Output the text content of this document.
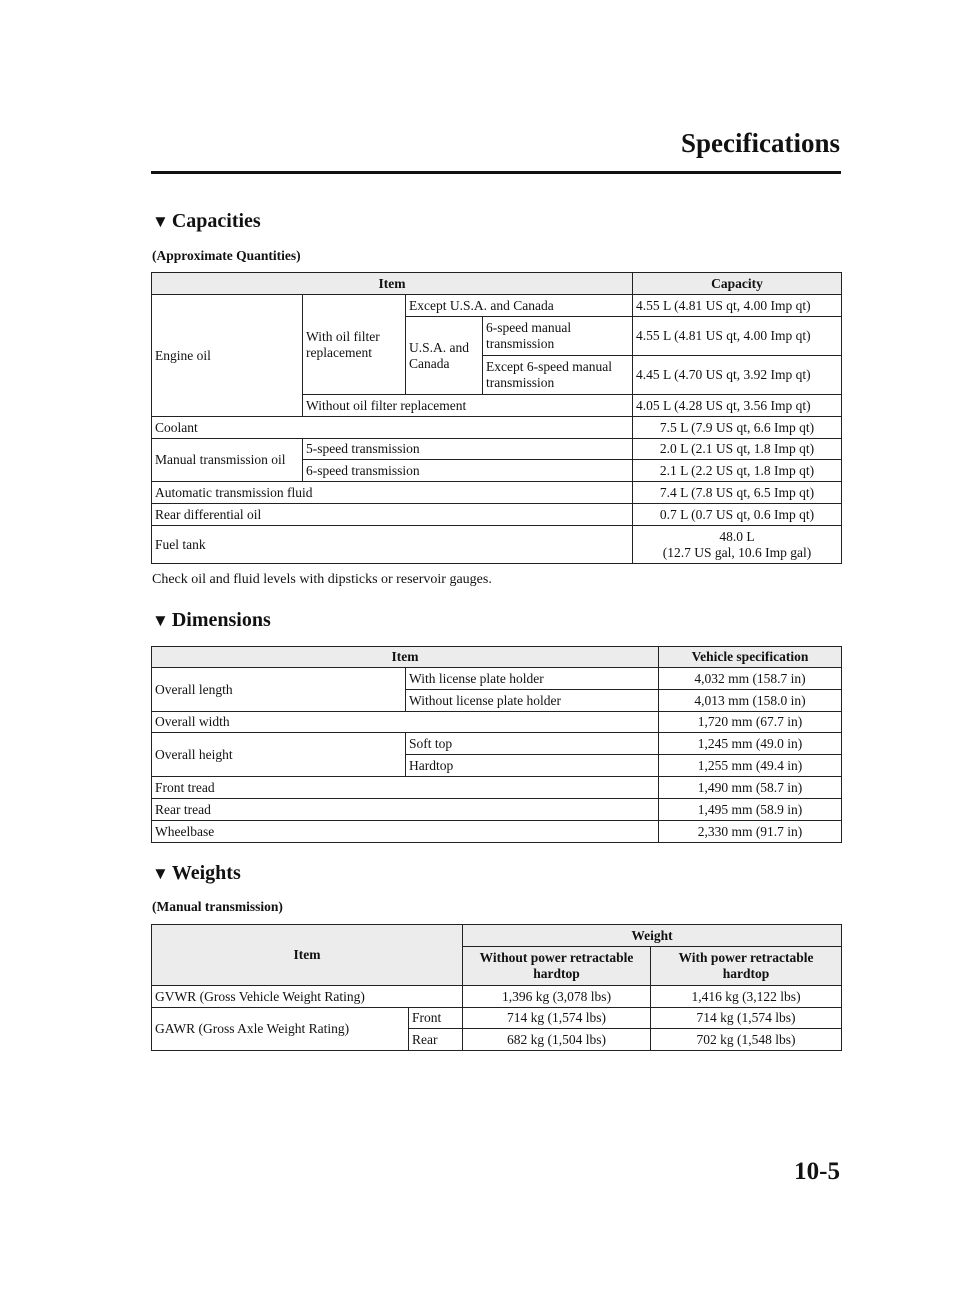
Specifications
▼ Capacities
(Approximate Quantities)
Item				Capacity
Engine oil	With oil filter replacement	Except U.S.A. and Canada		4.55 L (4.81 US qt, 4.00 Imp qt)
		U.S.A. and Canada	6-speed manual transmission	4.55 L (4.81 US qt, 4.00 Imp qt)
			Except 6-speed manual transmission	4.45 L (4.70 US qt, 3.92 Imp qt)
	Without oil filter replacement			4.05 L (4.28 US qt, 3.56 Imp qt)
Coolant				7.5 L (7.9 US qt, 6.6 Imp qt)
Manual transmission oil	5-speed transmission			2.0 L (2.1 US qt, 1.8 Imp qt)
	6-speed transmission			2.1 L (2.2 US qt, 1.8 Imp qt)
Automatic transmission fluid				7.4 L (7.8 US qt, 6.5 Imp qt)
Rear differential oil				0.7 L (0.7 US qt, 0.6 Imp qt)
Fuel tank				48.0 L
(12.7 US gal, 10.6 Imp gal)
Check oil and fluid levels with dipsticks or reservoir gauges.
▼ Dimensions
Item		Vehicle specification
Overall length	With license plate holder	4,032 mm (158.7 in)
	Without license plate holder	4,013 mm (158.0 in)
Overall width		1,720 mm (67.7 in)
Overall height	Soft top	1,245 mm (49.0 in)
	Hardtop	1,255 mm (49.4 in)
Front tread		1,490 mm (58.7 in)
Rear tread		1,495 mm (58.9 in)
Wheelbase		2,330 mm (91.7 in)
▼ Weights
(Manual transmission)
Item		Weight	
		Without power retractable hardtop	With power retractable hardtop
GVWR (Gross Vehicle Weight Rating)		1,396 kg (3,078 lbs)	1,416 kg (3,122 lbs)
GAWR (Gross Axle Weight Rating)	Front	714 kg (1,574 lbs)	714 kg (1,574 lbs)
	Rear	682 kg (1,504 lbs)	702 kg (1,548 lbs)
10-5
